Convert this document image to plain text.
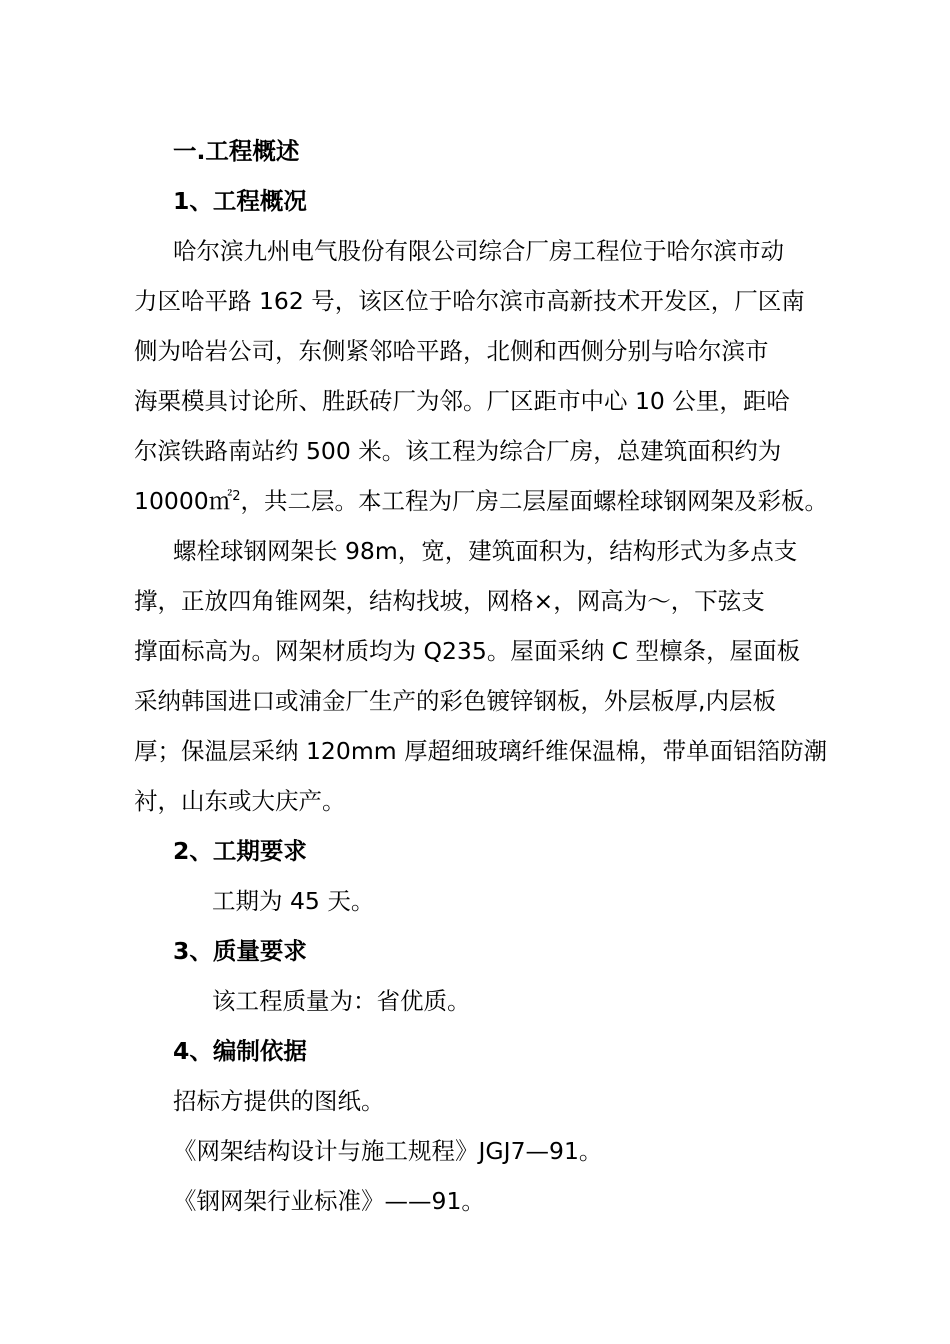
一.工程概述
1、工程概况
哈尔滨九州电气股份有限公司综合厂房工程位于哈尔滨市动
力区哈平路 162 号，该区位于哈尔滨市高新技术开发区，厂区南
侧为哈岩公司，东侧紧邻哈平路，北侧和西侧分别与哈尔滨市
海栗模具讨论所、胜跃砖厂为邻。厂区距市中心 10 公里，距哈
尔滨铁路南站约 500 米。该工程为综合厂房，总建筑面积约为
10000㎡$^2$，共二层。本工程为厂房二层屋面螺栓球钢网架及彩板。
螺栓球钢网架长 98m，宽，建筑面积为，结构形式为多点支
撑，正放四角锥网架，结构找坡，网格×，网高为～，下弦支
撑面标高为。网架材质均为 Q235。屋面采纳 C 型檩条，屋面板
采纳韩国进口或浦金厂生产的彩色镀锌钢板，外层板厚,内层板
厚；保温层采纳 120mm 厚超细玻璃纤维保温棉，带单面铝箔防潮
衬，山东或大庆产。
2、工期要求
工期为 45 天。
3、质量要求
该工程质量为：省优质。
4、编制依据
招标方提供的图纸。
《网架结构设计与施工规程》JGJ7—91。
《钢网架行业标准》——91。
